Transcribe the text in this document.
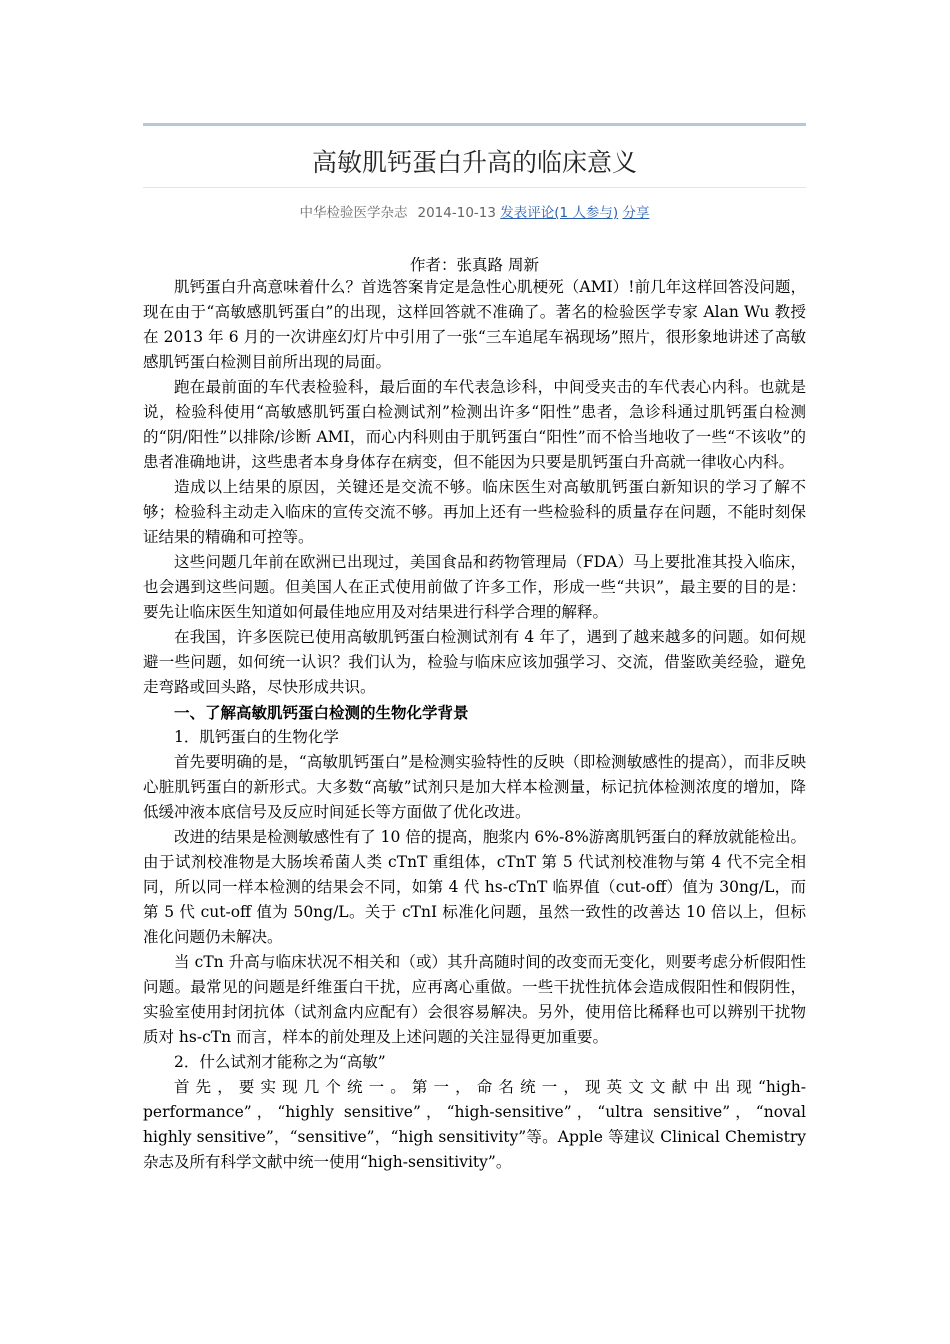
高敏肌钙蛋白升高的临床意义
中华检验医学杂志 2014-10-13 发表评论(1 人参与) 分享
作者：张真路 周新

肌钙蛋白升高意味着什么？首选答案肯定是急性心肌梗死（AMI）!前几年这样回答没问题，现在由于“高敏感肌钙蛋白”的出现，这样回答就不准确了。著名的检验医学专家 Alan Wu 教授在 2013 年 6 月的一次讲座幻灯片中引用了一张“三车追尾车祸现场”照片，很形象地讲述了高敏感肌钙蛋白检测目前所出现的局面。

跑在最前面的车代表检验科，最后面的车代表急诊科，中间受夹击的车代表心内科。也就是说，检验科使用“高敏感肌钙蛋白检测试剂”检测出许多“阳性”患者，急诊科通过肌钙蛋白检测的“阴/阳性”以排除/诊断 AMI，而心内科则由于肌钙蛋白“阳性”而不恰当地收了一些“不该收”的患者准确地讲，这些患者本身身体存在病变，但不能因为只要是肌钙蛋白升高就一律收心内科。

造成以上结果的原因，关键还是交流不够。临床医生对高敏肌钙蛋白新知识的学习了解不够；检验科主动走入临床的宣传交流不够。再加上还有一些检验科的质量存在问题，不能时刻保证结果的精确和可控等。

这些问题几年前在欧洲已出现过，美国食品和药物管理局（FDA）马上要批准其投入临床，也会遇到这些问题。但美国人在正式使用前做了许多工作，形成一些“共识”，最主要的目的是：要先让临床医生知道如何最佳地应用及对结果进行科学合理的解释。

在我国，许多医院已使用高敏肌钙蛋白检测试剂有 4 年了，遇到了越来越多的问题。如何规避一些问题，如何统一认识？我们认为，检验与临床应该加强学习、交流，借鉴欧美经验，避免走弯路或回头路，尽快形成共识。

一、了解高敏肌钙蛋白检测的生物化学背景

1．肌钙蛋白的生物化学

首先要明确的是，“高敏肌钙蛋白”是检测实验特性的反映（即检测敏感性的提高），而非反映心脏肌钙蛋白的新形式。大多数“高敏”试剂只是加大样本检测量，标记抗体检测浓度的增加，降低缓冲液本底信号及反应时间延长等方面做了优化改进。

改进的结果是检测敏感性有了 10 倍的提高，胞浆内 6%-8%游离肌钙蛋白的释放就能检出。由于试剂校准物是大肠埃希菌人类 cTnT 重组体，cTnT 第 5 代试剂校准物与第 4 代不完全相同，所以同一样本检测的结果会不同，如第 4 代 hs-cTnT 临界值（cut-off）值为 30ng/L，而第 5 代 cut-off 值为 50ng/L。关于 cTnI 标准化问题，虽然一致性的改善达 10 倍以上，但标准化问题仍未解决。

当 cTn 升高与临床状况不相关和（或）其升高随时间的改变而无变化，则要考虑分析假阳性问题。最常见的问题是纤维蛋白干扰，应再离心重做。一些干扰性抗体会造成假阳性和假阴性，实验室使用封闭抗体（试剂盒内应配有）会很容易解决。另外，使用倍比稀释也可以辨别干扰物质对 hs-cTn 而言，样本的前处理及上述问题的关注显得更加重要。

2．什么试剂才能称之为“高敏”

首先，要实现几个统一。第一，命名统一，现英文文献中出现“high-performance”，“highly sensitive”，“high-sensitive”，“ultra sensitive”，“noval highly sensitive”，“sensitive”，“high sensitivity”等。Apple 等建议 Clinical Chemistry 杂志及所有科学文献中统一使用“high-sensitivity”。
